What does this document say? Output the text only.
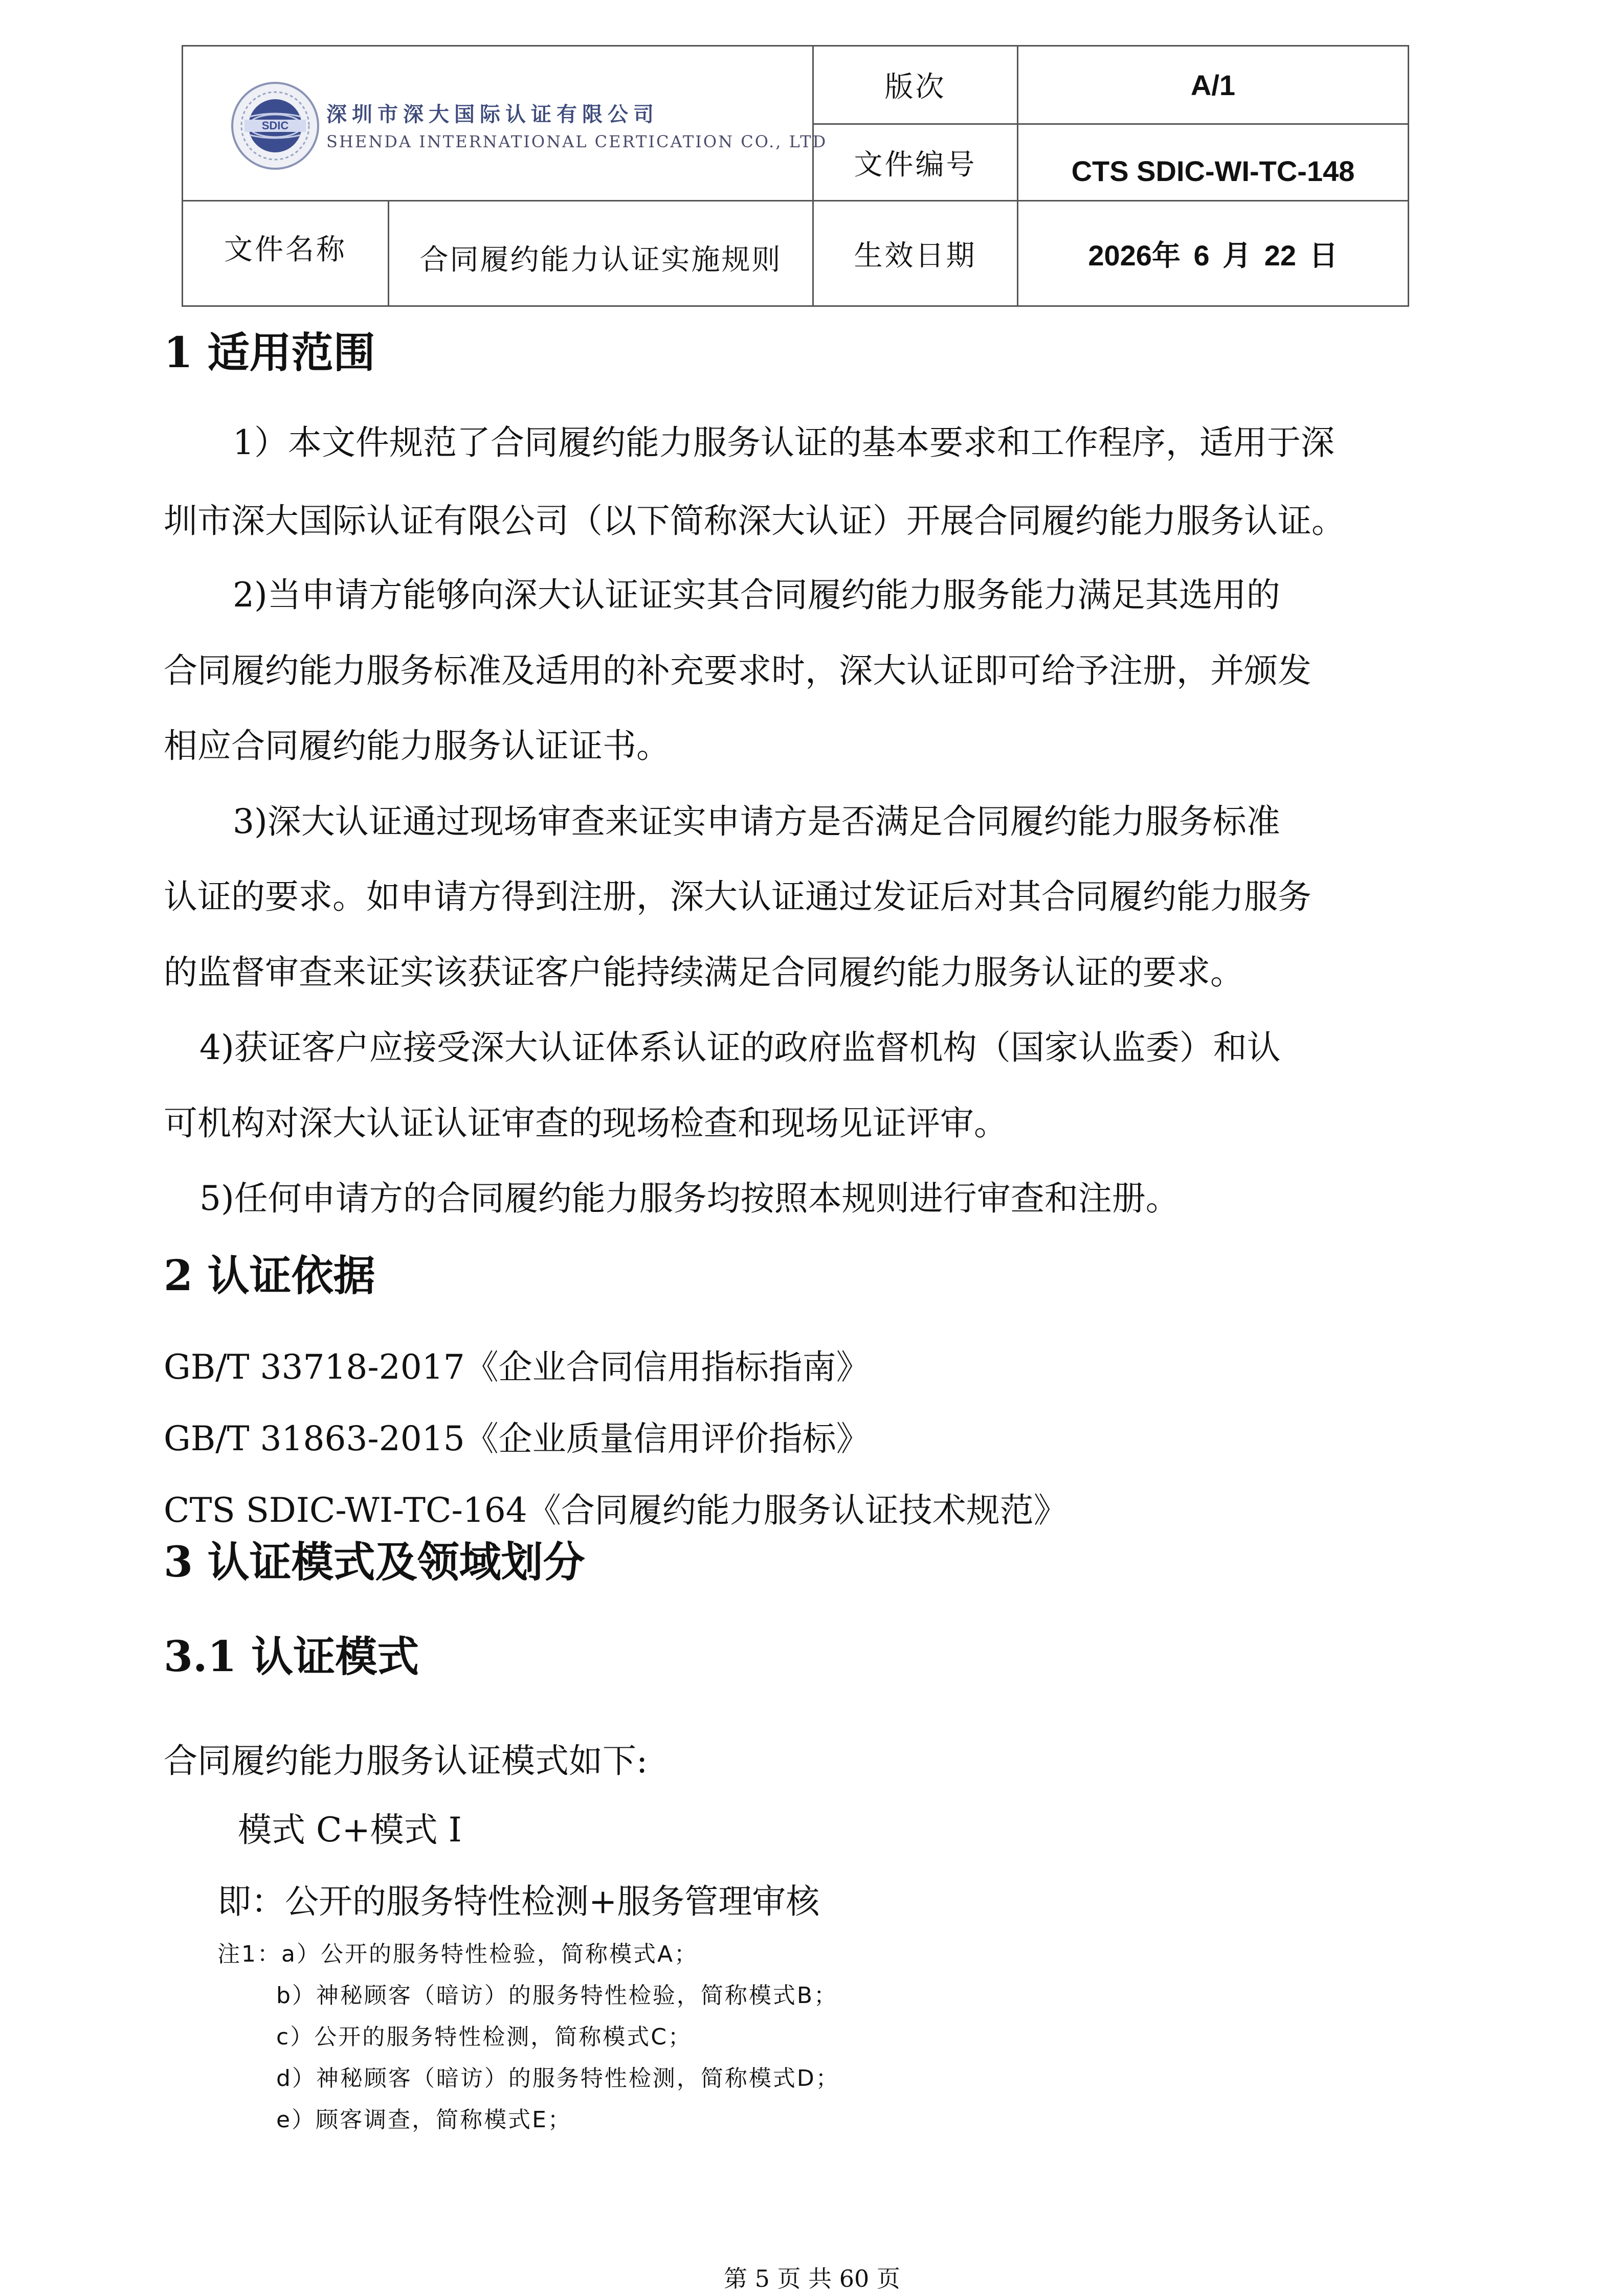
SDIC 深圳市深大国际认证有限公司
SHENDA INTERNATIONAL CERTICATION CO., LTD
版次	A/1
文件编号	CTS SDIC-WI-TC-148
文件名称	合同履约能力认证实施规则	生效日期	2026年 6 月 22 日
1 适用范围
1）本文件规范了合同履约能力服务认证的基本要求和工作程序，适用于深
圳市深大国际认证有限公司（以下简称深大认证）开展合同履约能力服务认证。
2)当申请方能够向深大认证证实其合同履约能力服务能力满足其选用的
合同履约能力服务标准及适用的补充要求时，深大认证即可给予注册，并颁发
相应合同履约能力服务认证证书。
3)深大认证通过现场审查来证实申请方是否满足合同履约能力服务标准
认证的要求。如申请方得到注册，深大认证通过发证后对其合同履约能力服务
的监督审查来证实该获证客户能持续满足合同履约能力服务认证的要求。
4)获证客户应接受深大认证体系认证的政府监督机构（国家认监委）和认
可机构对深大认证认证审查的现场检查和现场见证评审。
5)任何申请方的合同履约能力服务均按照本规则进行审查和注册。
2 认证依据
GB/T 33718-2017《企业合同信用指标指南》
GB/T 31863-2015《企业质量信用评价指标》
CTS SDIC-WI-TC-164《合同履约能力服务认证技术规范》
3 认证模式及领域划分
3.1 认证模式
合同履约能力服务认证模式如下:
模式 C+模式 I
即：公开的服务特性检测+服务管理审核
注1：a）公开的服务特性检验，简称模式A；
b）神秘顾客（暗访）的服务特性检验，简称模式B；
c）公开的服务特性检测，简称模式C；
d）神秘顾客（暗访）的服务特性检测，简称模式D；
e）顾客调查，简称模式E；
第 5 页 共 60 页
